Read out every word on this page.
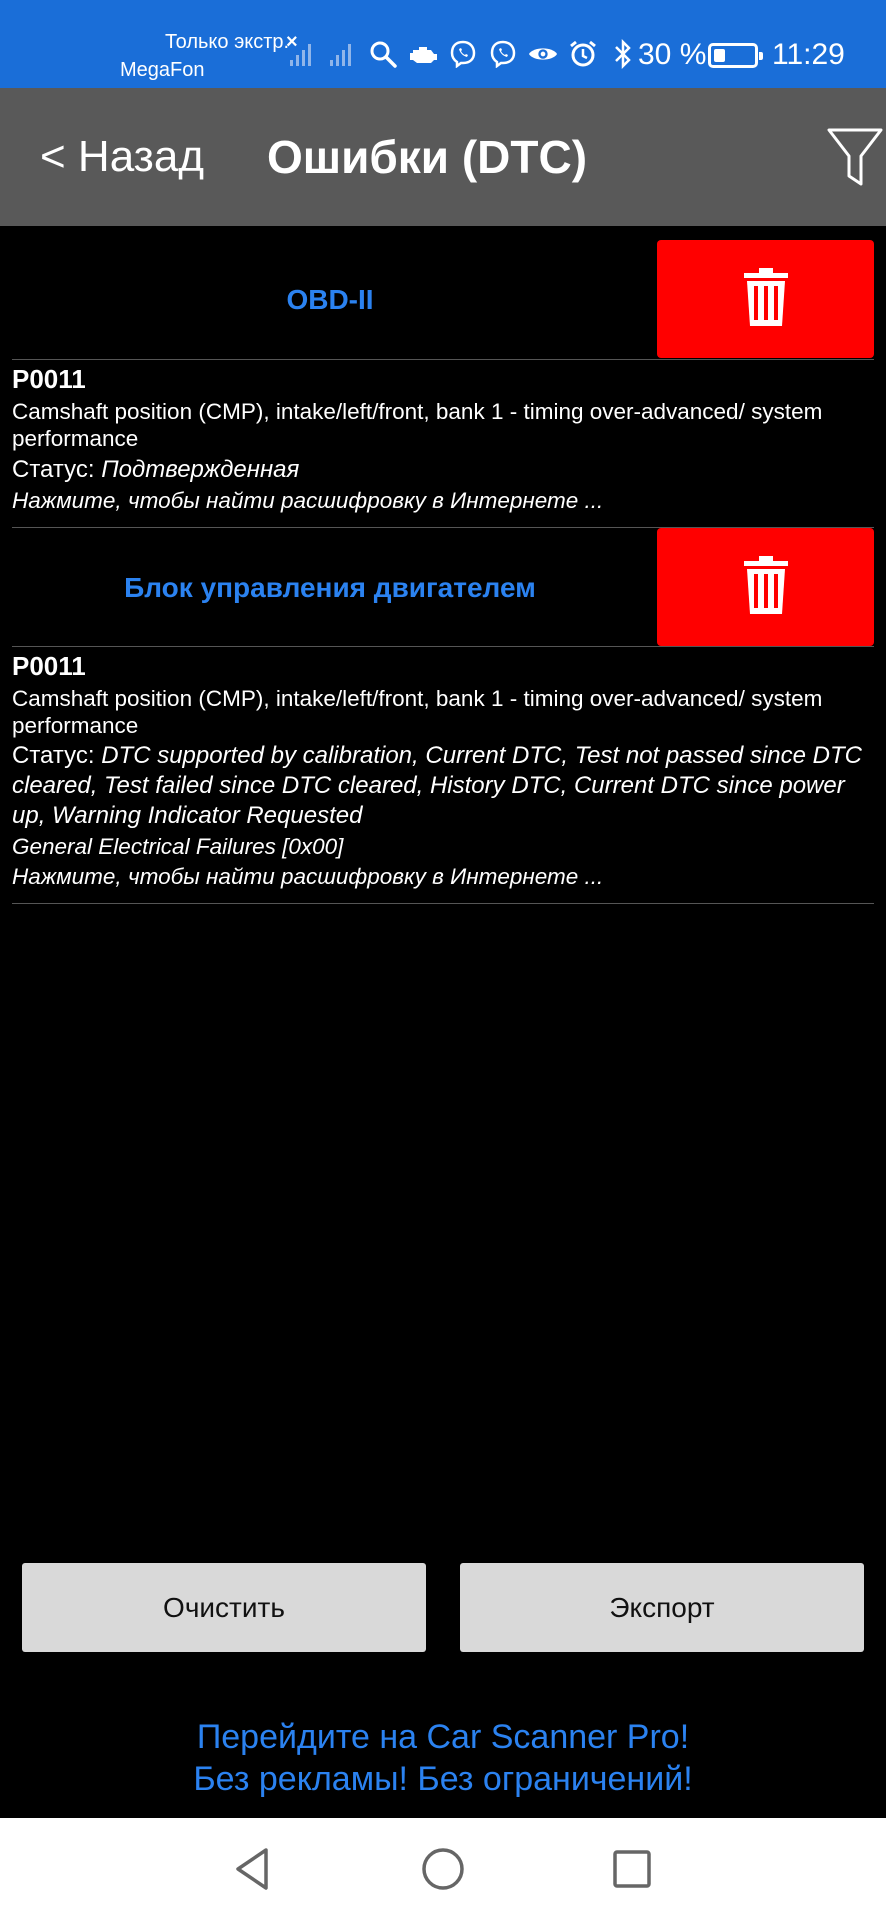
Только экстр.
MegaFon
×	30 % 11:29
< Назад	Ошибки (DTC)
OBD-II
P0011
Camshaft position (CMP), intake/left/front, bank 1 - timing over-advanced/ system performance
Статус: Подтвержденная
Нажмите, чтобы найти расшифровку в Интернете ...
Блок управления двигателем
P0011
Camshaft position (CMP), intake/left/front, bank 1 - timing over-advanced/ system performance
Статус: DTC supported by calibration, Current DTC, Test not passed since DTC cleared, Test failed since DTC cleared, History DTC, Current DTC since power up, Warning Indicator Requested
General Electrical Failures [0x00]
Нажмите, чтобы найти расшифровку в Интернете ...
Очистить	Экспорт
Перейдите на Car Scanner Pro!
Без рекламы! Без ограничений!
